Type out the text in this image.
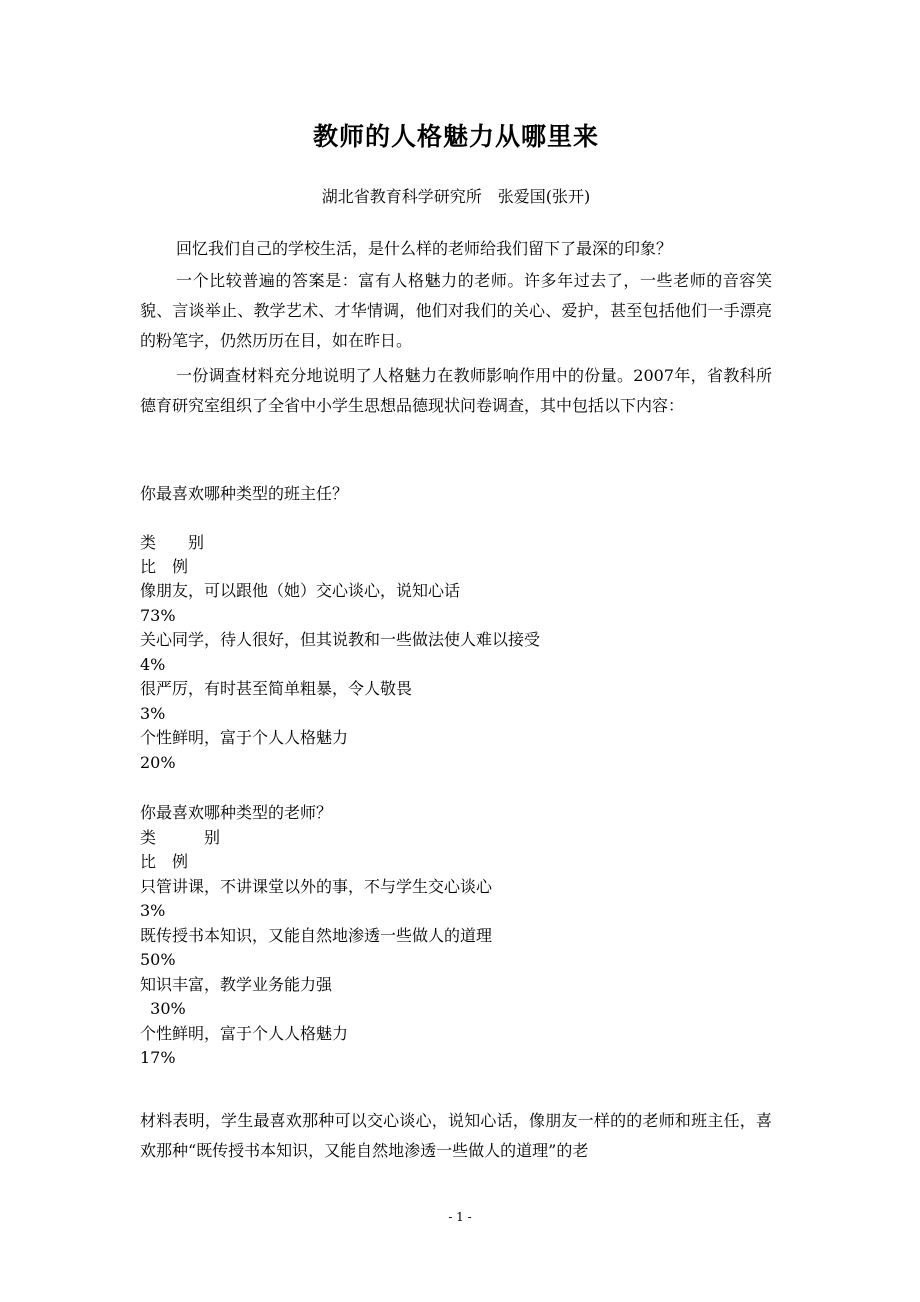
教师的人格魅力从哪里来
湖北省教育科学研究所　张爱国(张开)

回忆我们自己的学校生活，是什么样的老师给我们留下了最深的印象？

一个比较普遍的答案是：富有人格魅力的老师。许多年过去了，一些老师的音容笑貌、言谈举止、教学艺术、才华情调，他们对我们的关心、爱护，甚至包括他们一手漂亮的粉笔字，仍然历历在目，如在昨日。

一份调查材料充分地说明了人格魅力在教师影响作用中的份量。2007年，省教科所德育研究室组织了全省中小学生思想品德现状问卷调查，其中包括以下内容：

你最喜欢哪种类型的班主任？
类　　别
比　例
像朋友，可以跟他（她）交心谈心，说知心话
73%
关心同学，待人很好，但其说教和一些做法使人难以接受
4%
很严厉，有时甚至简单粗暴，令人敬畏
3%
个性鲜明，富于个人人格魅力
20%
你最喜欢哪种类型的老师？
类　　　别
比　例
只管讲课，不讲课堂以外的事，不与学生交心谈心
3%
既传授书本知识，又能自然地渗透一些做人的道理
50%
知识丰富，教学业务能力强
30%
个性鲜明，富于个人人格魅力
17%

材料表明，学生最喜欢那种可以交心谈心，说知心话，像朋友一样的的老师和班主任，喜欢那种“既传授书本知识，又能自然地渗透一些做人的道理”的老

- 1 -
